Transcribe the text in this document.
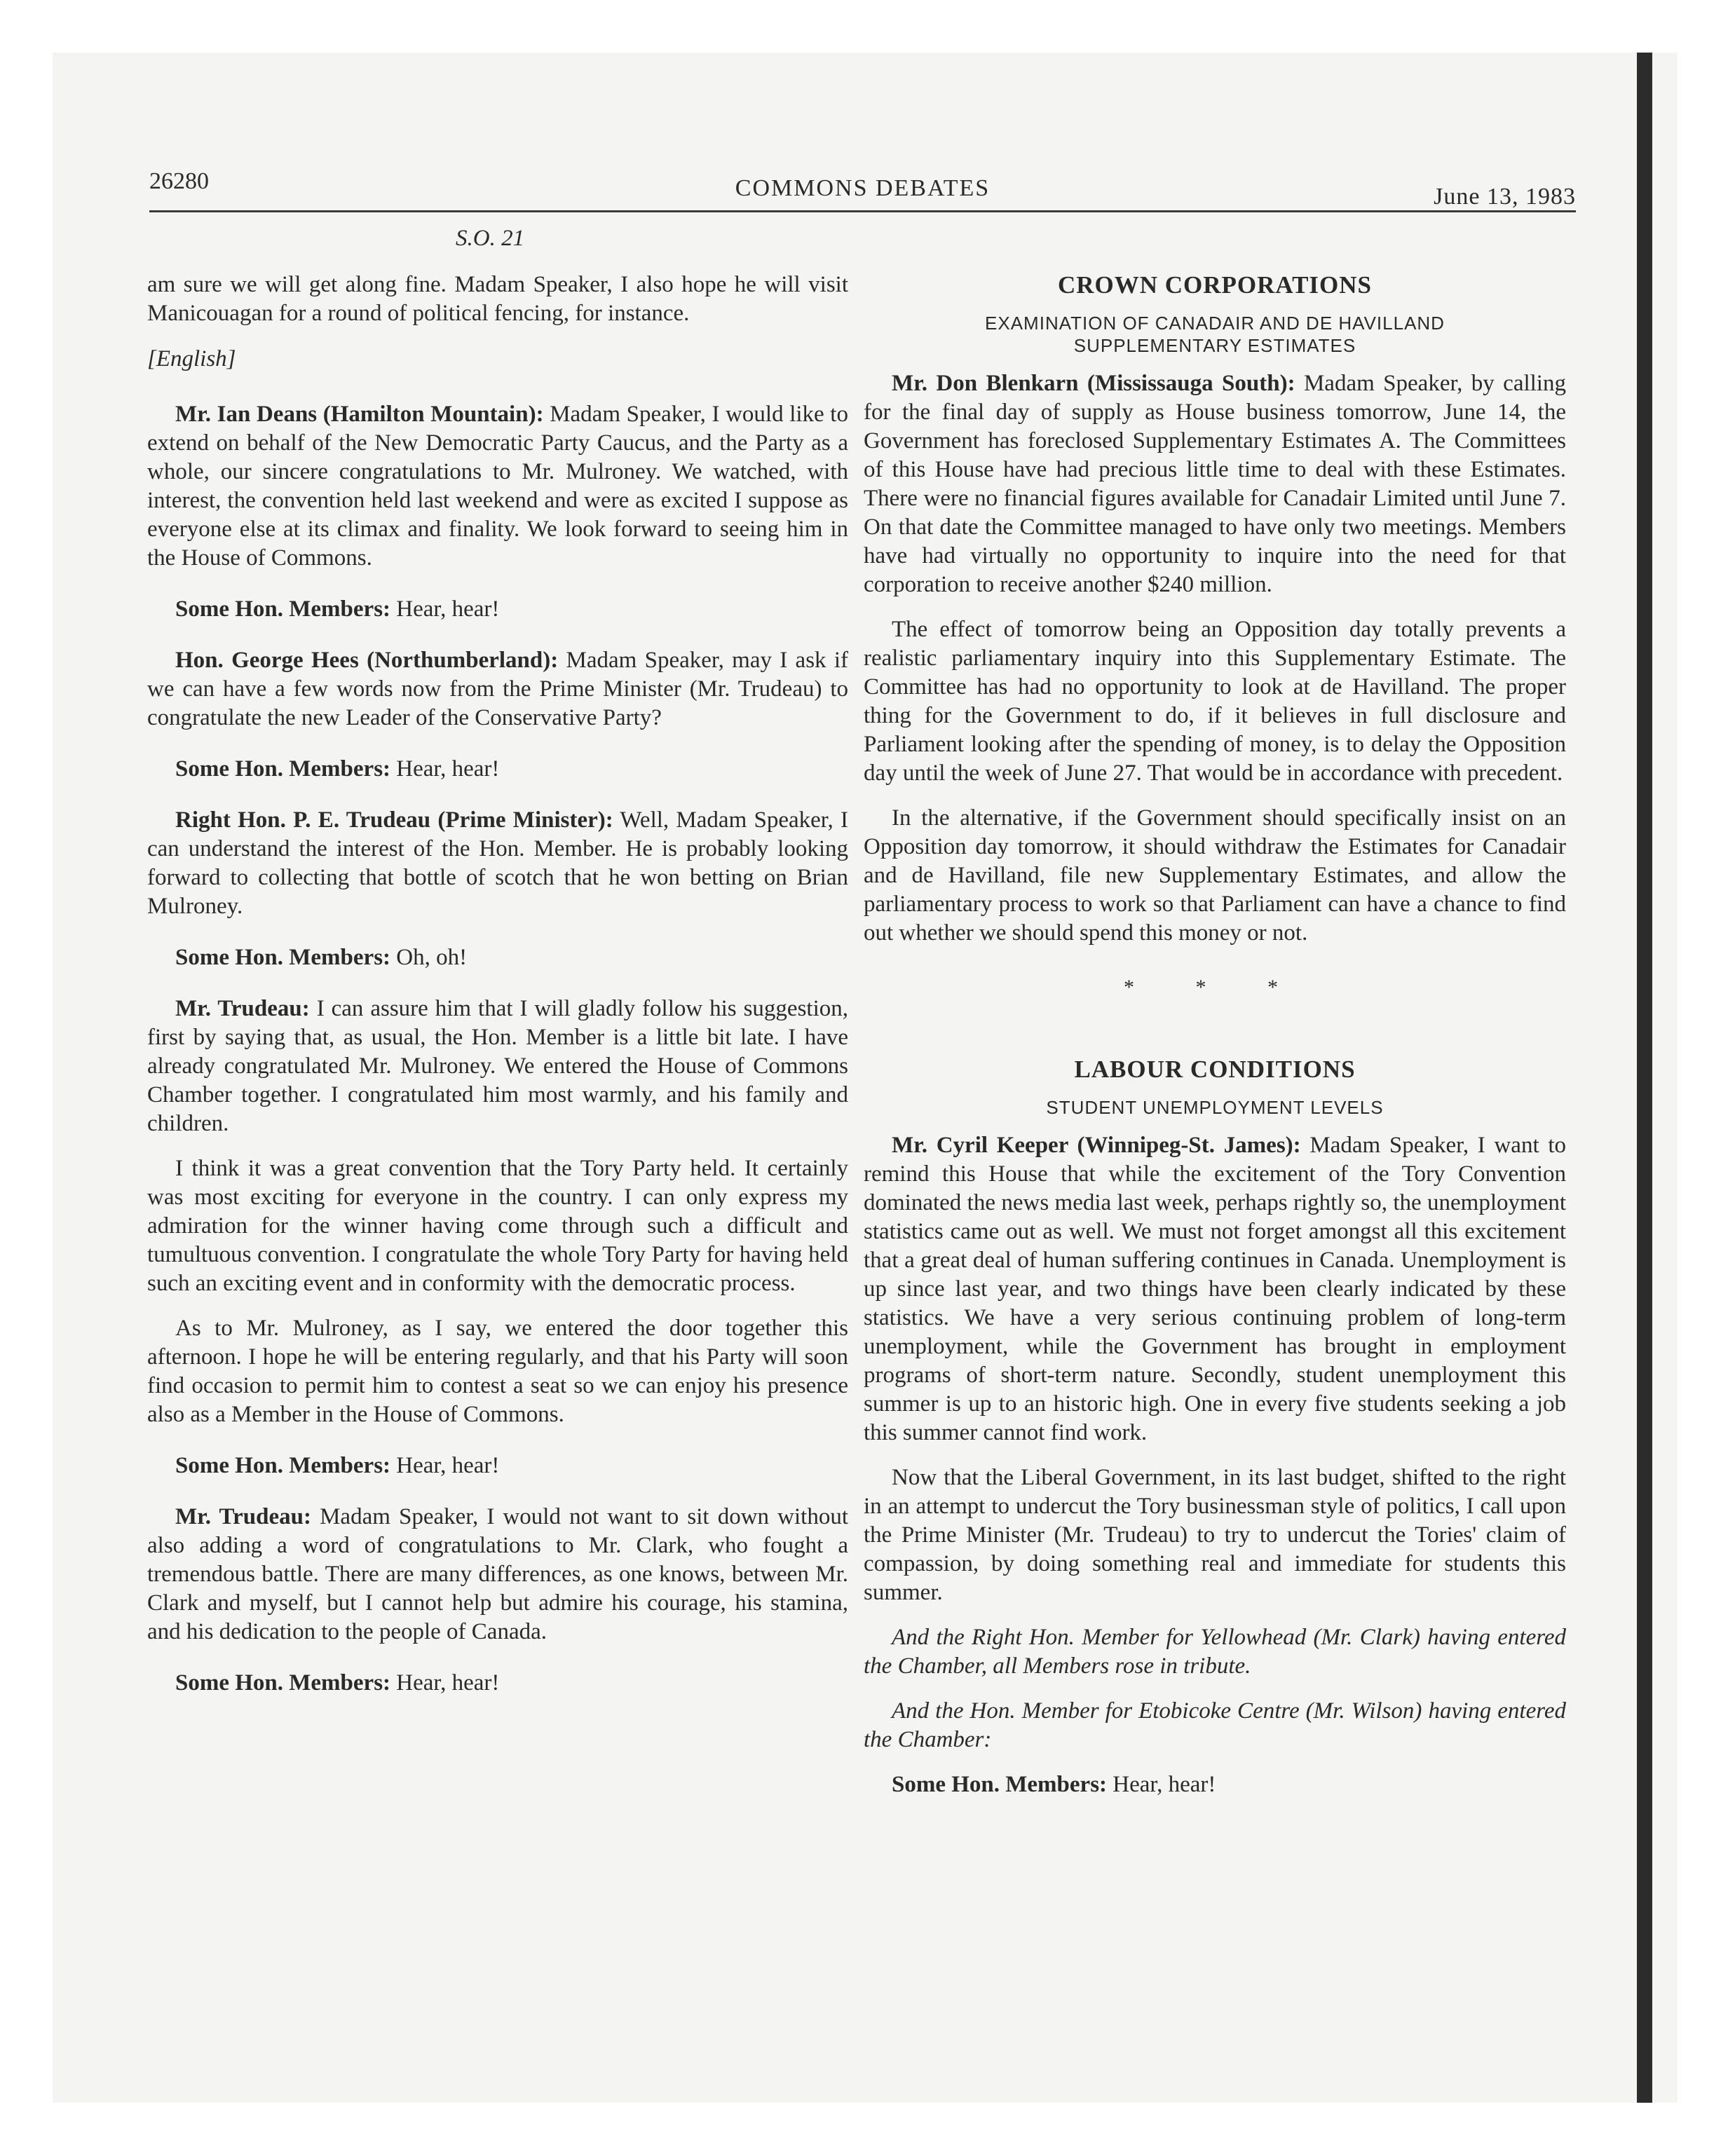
26280	COMMONS DEBATES	June 13, 1983
S.O. 21

am sure we will get along fine. Madam Speaker, I also hope he will visit Manicouagan for a round of political fencing, for instance.

[English]

Mr. Ian Deans (Hamilton Mountain): Madam Speaker, I would like to extend on behalf of the New Democratic Party Caucus, and the Party as a whole, our sincere congratulations to Mr. Mulroney. We watched, with interest, the convention held last weekend and were as excited I suppose as everyone else at its climax and finality. We look forward to seeing him in the House of Commons.

Some Hon. Members: Hear, hear!

Hon. George Hees (Northumberland): Madam Speaker, may I ask if we can have a few words now from the Prime Minister (Mr. Trudeau) to congratulate the new Leader of the Conservative Party?

Some Hon. Members: Hear, hear!

Right Hon. P. E. Trudeau (Prime Minister): Well, Madam Speaker, I can understand the interest of the Hon. Member. He is probably looking forward to collecting that bottle of scotch that he won betting on Brian Mulroney.

Some Hon. Members: Oh, oh!

Mr. Trudeau: I can assure him that I will gladly follow his suggestion, first by saying that, as usual, the Hon. Member is a little bit late. I have already congratulated Mr. Mulroney. We entered the House of Commons Chamber together. I congratulated him most warmly, and his family and children.

I think it was a great convention that the Tory Party held. It certainly was most exciting for everyone in the country. I can only express my admiration for the winner having come through such a difficult and tumultuous convention. I congratulate the whole Tory Party for having held such an exciting event and in conformity with the democratic process.

As to Mr. Mulroney, as I say, we entered the door together this afternoon. I hope he will be entering regularly, and that his Party will soon find occasion to permit him to contest a seat so we can enjoy his presence also as a Member in the House of Commons.

Some Hon. Members: Hear, hear!

Mr. Trudeau: Madam Speaker, I would not want to sit down without also adding a word of congratulations to Mr. Clark, who fought a tremendous battle. There are many differences, as one knows, between Mr. Clark and myself, but I cannot help but admire his courage, his stamina, and his dedication to the people of Canada.

Some Hon. Members: Hear, hear!

CROWN CORPORATIONS
EXAMINATION OF CANADAIR AND DE HAVILLAND
SUPPLEMENTARY ESTIMATES

Mr. Don Blenkarn (Mississauga South): Madam Speaker, by calling for the final day of supply as House business tomorrow, June 14, the Government has foreclosed Supplementary Estimates A. The Committees of this House have had precious little time to deal with these Estimates. There were no financial figures available for Canadair Limited until June 7. On that date the Committee managed to have only two meetings. Members have had virtually no opportunity to inquire into the need for that corporation to receive another $240 million.

The effect of tomorrow being an Opposition day totally prevents a realistic parliamentary inquiry into this Supplementary Estimate. The Committee has had no opportunity to look at de Havilland. The proper thing for the Government to do, if it believes in full disclosure and Parliament looking after the spending of money, is to delay the Opposition day until the week of June 27. That would be in accordance with precedent.

In the alternative, if the Government should specifically insist on an Opposition day tomorrow, it should withdraw the Estimates for Canadair and de Havilland, file new Supplementary Estimates, and allow the parliamentary process to work so that Parliament can have a chance to find out whether we should spend this money or not.

* * *
LABOUR CONDITIONS
STUDENT UNEMPLOYMENT LEVELS

Mr. Cyril Keeper (Winnipeg-St. James): Madam Speaker, I want to remind this House that while the excitement of the Tory Convention dominated the news media last week, perhaps rightly so, the unemployment statistics came out as well. We must not forget amongst all this excitement that a great deal of human suffering continues in Canada. Unemployment is up since last year, and two things have been clearly indicated by these statistics. We have a very serious continuing problem of long-term unemployment, while the Government has brought in employment programs of short-term nature. Secondly, student unemployment this summer is up to an historic high. One in every five students seeking a job this summer cannot find work.

Now that the Liberal Government, in its last budget, shifted to the right in an attempt to undercut the Tory businessman style of politics, I call upon the Prime Minister (Mr. Trudeau) to try to undercut the Tories' claim of compassion, by doing something real and immediate for students this summer.

And the Right Hon. Member for Yellowhead (Mr. Clark) having entered the Chamber, all Members rose in tribute.

And the Hon. Member for Etobicoke Centre (Mr. Wilson) having entered the Chamber:

Some Hon. Members: Hear, hear!
